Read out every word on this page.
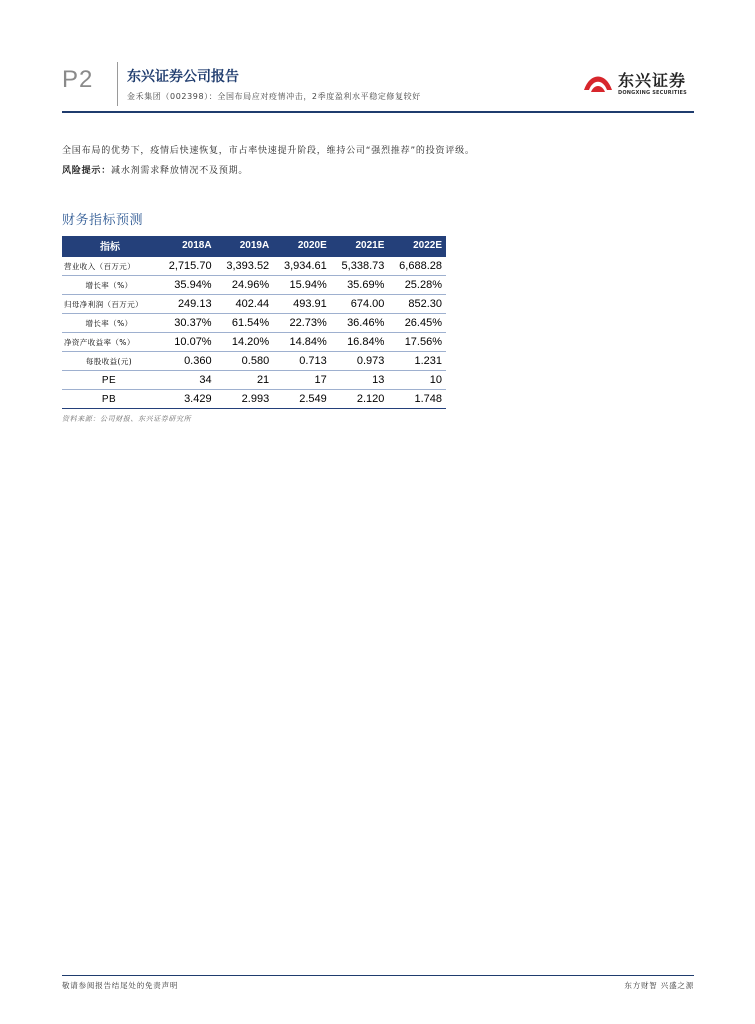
P2 东兴证券公司报告
金禾集团（002398）：全国布局应对疫情冲击，2季度盈利水平稳定修复较好
东兴证券
DONGXING SECURITIES
全国布局的优势下，疫情后快速恢复，市占率快速提升阶段，维持公司“强烈推荐”的投资评级。
风险提示：减水剂需求释放情况不及预期。
财务指标预测
指标	2018A	2019A	2020E	2021E	2022E
营业收入（百万元）	2,715.70	3,393.52	3,934.61	5,338.73	6,688.28
增长率（%）	35.94%	24.96%	15.94%	35.69%	25.28%
归母净利润（百万元）	249.13	402.44	493.91	674.00	852.30
增长率（%）	30.37%	61.54%	22.73%	36.46%	26.45%
净资产收益率（%）	10.07%	14.20%	14.84%	16.84%	17.56%
每股收益(元)	0.360	0.580	0.713	0.973	1.231
PE	34	21	17	13	10
PB	3.429	2.993	2.549	2.120	1.748
资料来源：公司财报、东兴证券研究所
敬请参阅报告结尾处的免责声明	东方财智 兴盛之源
